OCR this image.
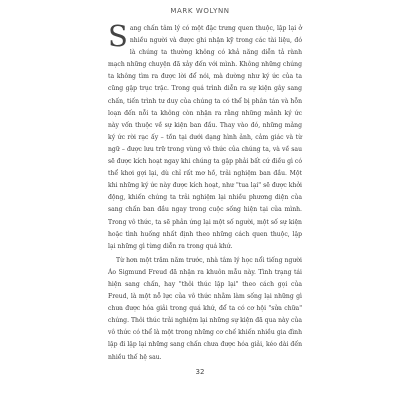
MARK WOLYNN

Sang chấn tâm lý có một đặc trưng quen thuộc, lặp lại ở nhiều người và được ghi nhận kỹ trong các tài liệu, đó là chúng ta thường không có khả năng diễn tả rành mạch những chuyện đã xảy đến với mình. Không những chúng ta không tìm ra được lời để nói, mà dường như ký ức của ta cũng gặp trục trặc. Trong quá trình diễn ra sự kiện gây sang chấn, tiến trình tư duy của chúng ta có thể bị phân tán và hỗn loạn đến nỗi ta không còn nhận ra rằng những mảnh ký ức này vốn thuộc về sự kiện ban đầu. Thay vào đó, những mảng ký ức rời rạc ấy – tồn tại dưới dạng hình ảnh, cảm giác và từ ngữ – được lưu trữ trong vùng vô thức của chúng ta, và về sau sẽ được kích hoạt ngay khi chúng ta gặp phải bất cứ điều gì có thể khơi gợi lại, dù chỉ rất mơ hồ, trải nghiệm ban đầu. Một khi những ký ức này được kích hoạt, như "tua lại" sẽ được khởi động, khiến chúng ta trải nghiệm lại nhiều phương diện của sang chấn ban đầu ngay trong cuộc sống hiện tại của mình. Trong vô thức, ta sẽ phản ứng lại một số người, một số sự kiện hoặc tình huống nhất định theo những cách quen thuộc, lặp lại những gì từng diễn ra trong quá khứ.

Từ hơn một trăm năm trước, nhà tâm lý học nổi tiếng người Áo Sigmund Freud đã nhận ra khuôn mẫu này. Tình trạng tái hiện sang chấn, hay "thôi thúc lặp lại" theo cách gọi của Freud, là một nỗ lực của vô thức nhằm làm sống lại những gì chưa được hóa giải trong quá khứ, để ta có cơ hội "sửa chữa" chúng. Thôi thúc trải nghiệm lại những sự kiện đã qua này của vô thức có thể là một trong những cơ chế khiến nhiều gia đình lặp đi lặp lại những sang chấn chưa được hóa giải, kéo dài đến nhiều thế hệ sau.

32
